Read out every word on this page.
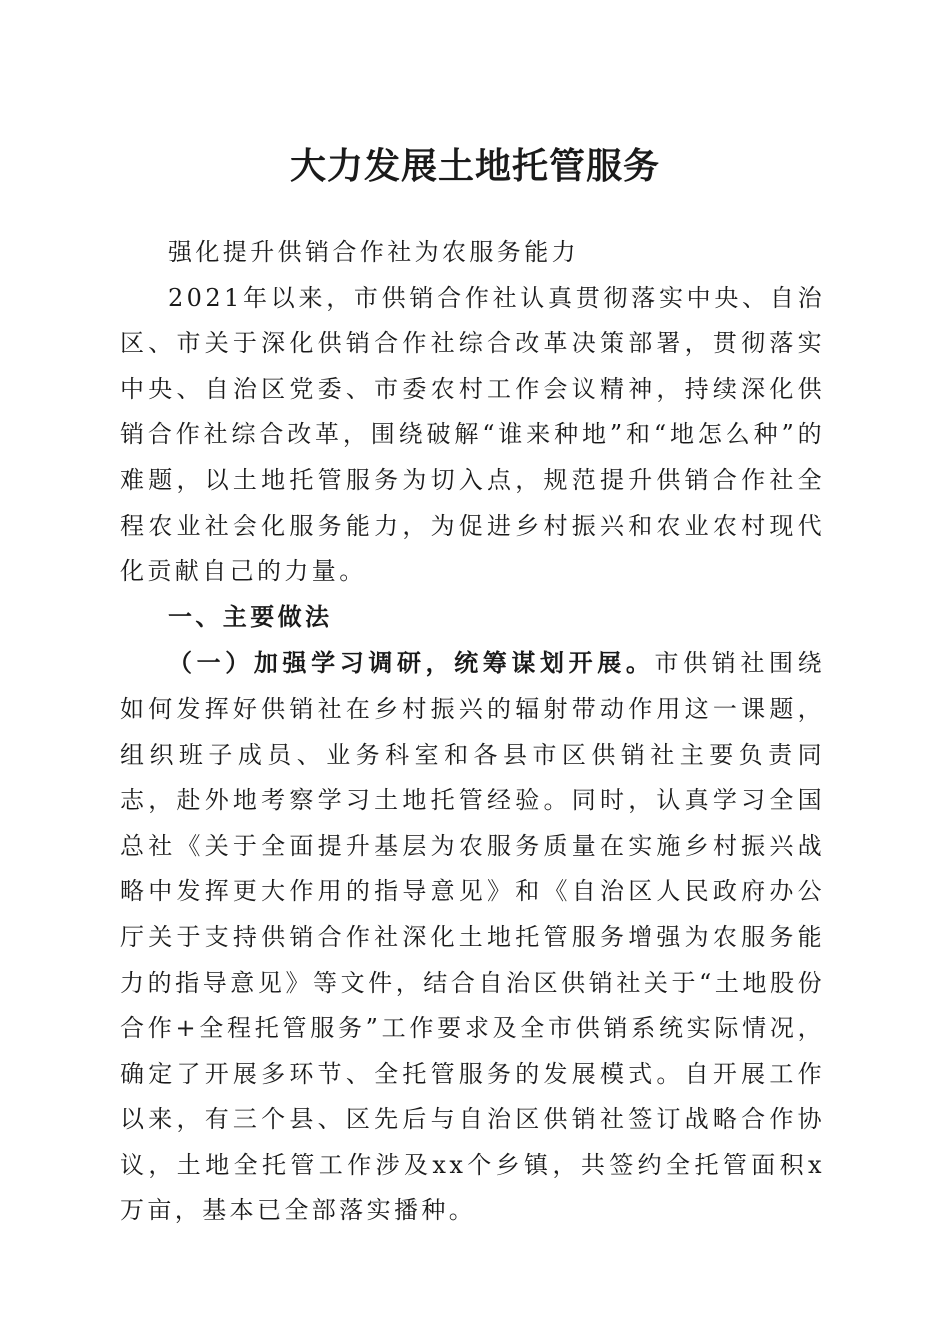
大力发展土地托管服务

强化提升供销合作社为农服务能力

2021年以来，市供销合作社认真贯彻落实中央、自治区、市关于深化供销合作社综合改革决策部署，贯彻落实中央、自治区党委、市委农村工作会议精神，持续深化供销合作社综合改革，围绕破解“谁来种地”和“地怎么种”的难题，以土地托管服务为切入点，规范提升供销合作社全程农业社会化服务能力，为促进乡村振兴和农业农村现代化贡献自己的力量。

一、主要做法

（一）加强学习调研，统筹谋划开展。市供销社围绕如何发挥好供销社在乡村振兴的辐射带动作用这一课题，组织班子成员、业务科室和各县市区供销社主要负责同志，赴外地考察学习土地托管经验。同时，认真学习全国总社《关于全面提升基层为农服务质量在实施乡村振兴战略中发挥更大作用的指导意见》和《自治区人民政府办公厅关于支持供销合作社深化土地托管服务增强为农服务能力的指导意见》等文件，结合自治区供销社关于“土地股份合作+全程托管服务”工作要求及全市供销系统实际情况，确定了开展多环节、全托管服务的发展模式。自开展工作以来，有三个县、区先后与自治区供销社签订战略合作协议，土地全托管工作涉及xx个乡镇，共签约全托管面积x万亩，基本已全部落实播种。
